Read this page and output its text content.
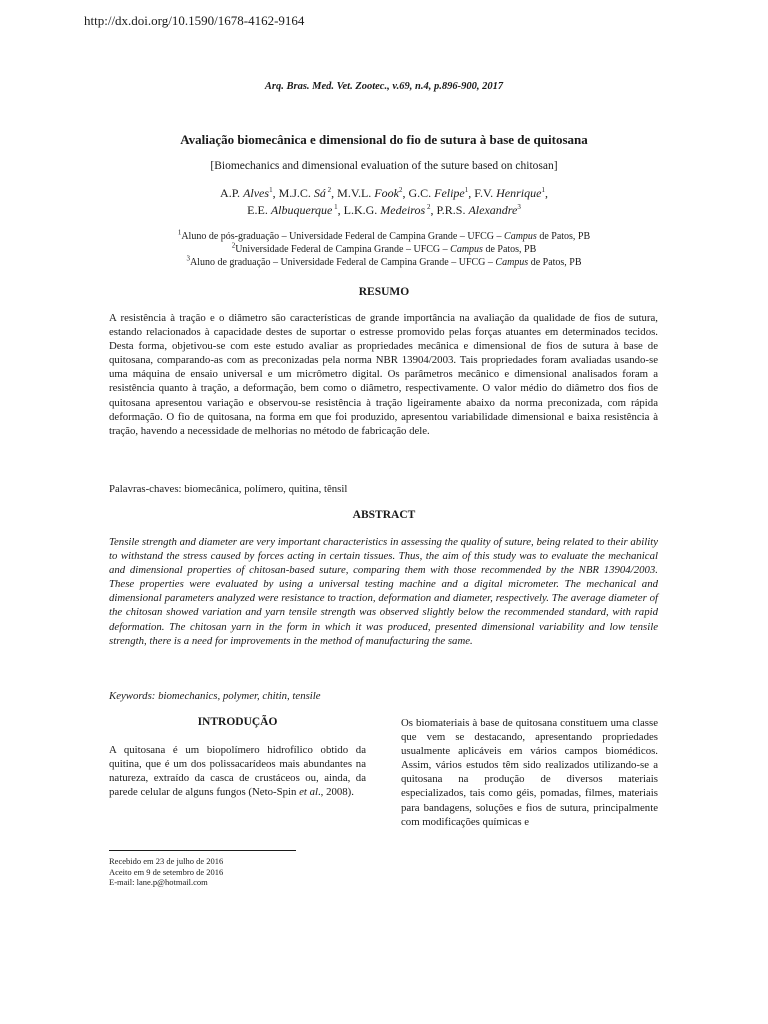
http://dx.doi.org/10.1590/1678-4162-9164
Arq. Bras. Med. Vet. Zootec., v.69, n.4, p.896-900, 2017
Avaliação biomecânica e dimensional do fio de sutura à base de quitosana
[Biomechanics and dimensional evaluation of the suture based on chitosan]
A.P. Alves$^1$, M.J.C. Sá $^2$, M.V.L. Fook$^2$, G.C. Felipe$^1$, F.V. Henrique$^1$,
E.E. Albuquerque $^1$, L.K.G. Medeiros $^2$, P.R.S. Alexandre$^3$
$^1$Aluno de pós-graduação – Universidade Federal de Campina Grande – UFCG – Campus de Patos, PB
$^2$Universidade Federal de Campina Grande – UFCG – Campus de Patos, PB
$^3$Aluno de graduação – Universidade Federal de Campina Grande – UFCG – Campus de Patos, PB
RESUMO
A resistência à tração e o diâmetro são características de grande importância na avaliação da qualidade de fios de sutura, estando relacionados à capacidade destes de suportar o estresse promovido pelas forças atuantes em determinados tecidos. Desta forma, objetivou-se com este estudo avaliar as propriedades mecânica e dimensional de fios de sutura à base de quitosana, comparando-as com as preconizadas pela norma NBR 13904/2003. Tais propriedades foram avaliadas usando-se uma máquina de ensaio universal e um micrômetro digital. Os parâmetros mecânico e dimensional analisados foram a resistência quanto à tração, a deformação, bem como o diâmetro, respectivamente. O valor médio do diâmetro dos fios de quitosana apresentou variação e observou-se resistência à tração ligeiramente abaixo da norma preconizada, com rápida deformação. O fio de quitosana, na forma em que foi produzido, apresentou variabilidade dimensional e baixa resistência à tração, havendo a necessidade de melhorias no método de fabricação dele.
Palavras-chaves: biomecânica, polímero, quitina, tênsil
ABSTRACT
Tensile strength and diameter are very important characteristics in assessing the quality of suture, being related to their ability to withstand the stress caused by forces acting in certain tissues. Thus, the aim of this study was to evaluate the mechanical and dimensional properties of chitosan-based suture, comparing them with those recommended by the NBR 13904/2003. These properties were evaluated by using a universal testing machine and a digital micrometer. The mechanical and dimensional parameters analyzed were resistance to traction, deformation and diameter, respectively. The average diameter of the chitosan showed variation and yarn tensile strength was observed slightly below the recommended standard, with rapid deformation. The chitosan yarn in the form in which it was produced, presented dimensional variability and low tensile strength, there is a need for improvements in the method of manufacturing the same.
Keywords: biomechanics, polymer, chitin, tensile
INTRODUÇÃO
A quitosana é um biopolímero hidrofílico obtido da quitina, que é um dos polissacarídeos mais abundantes na natureza, extraído da casca de crustáceos ou, ainda, da parede celular de alguns fungos (Neto-Spin et al., 2008).
Os biomateriais à base de quitosana constituem uma classe que vem se destacando, apresentando propriedades usualmente aplicáveis em vários campos biomédicos. Assim, vários estudos têm sido realizados utilizando-se a quitosana na produção de diversos materiais especializados, tais como géis, pomadas, filmes, materiais para bandagens, soluções e fios de sutura, principalmente com modificações químicas e
Recebido em 23 de julho de 2016
Aceito em 9 de setembro de 2016
E-mail: lane.p@hotmail.com
